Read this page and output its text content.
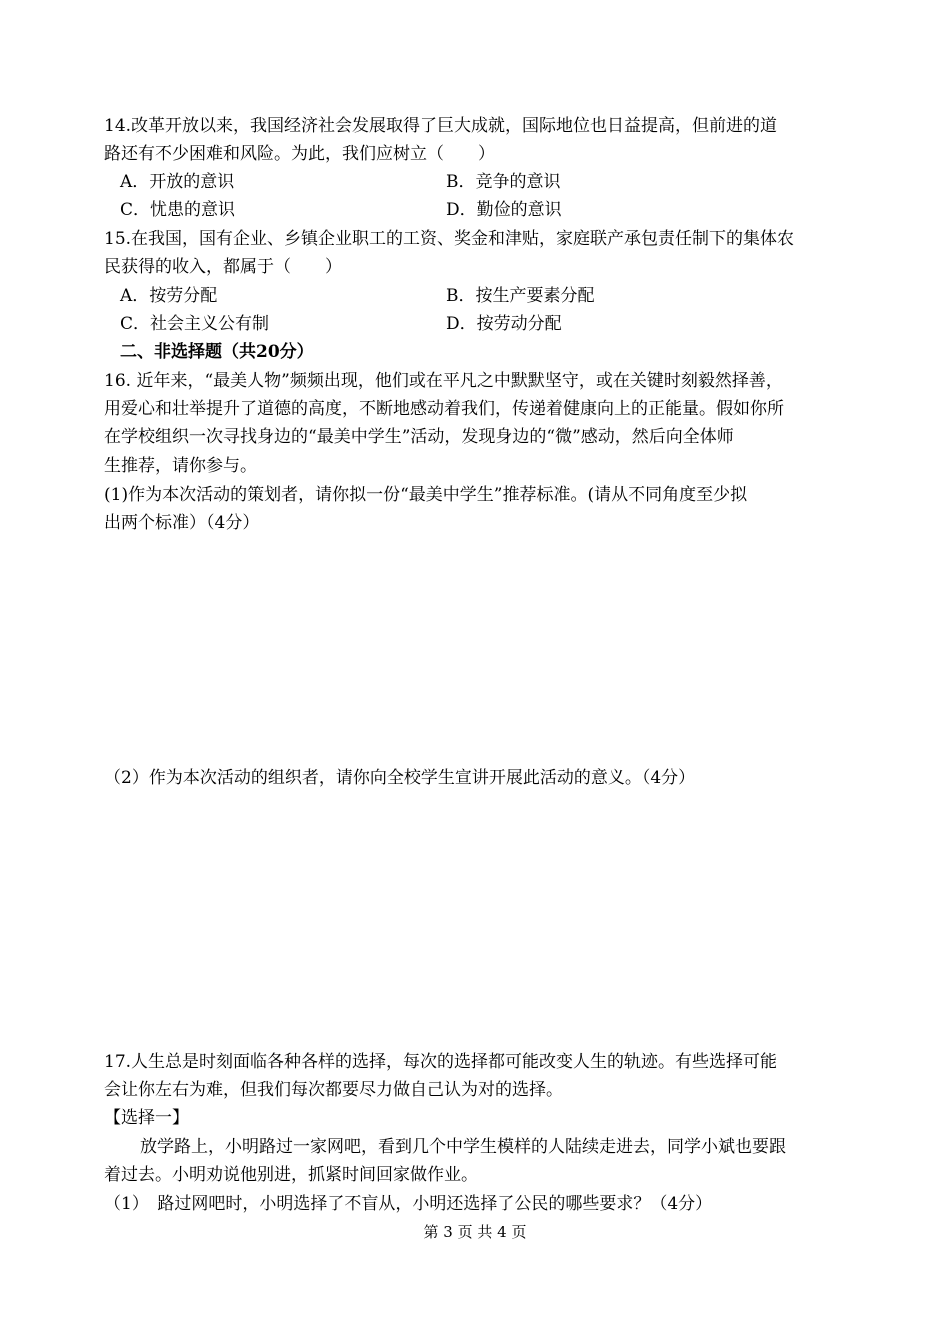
14.改革开放以来，我国经济社会发展取得了巨大成就，国际地位也日益提高，但前进的道
路还有不少困难和风险。为此，我们应树立（　　）
A．开放的意识	B．竞争的意识
C．忧患的意识	D．勤俭的意识
15.在我国，国有企业、乡镇企业职工的工资、奖金和津贴，家庭联产承包责任制下的集体农
民获得的收入，都属于（　　）
A．按劳分配	B．按生产要素分配
C．社会主义公有制	D．按劳动分配
二、非选择题（共20分）
16. 近年来，“最美人物”频频出现，他们或在平凡之中默默坚守，或在关键时刻毅然择善，
用爱心和壮举提升了道德的高度，不断地感动着我们，传递着健康向上的正能量。假如你所
在学校组织一次寻找身边的“最美中学生”活动，发现身边的“微”感动，然后向全体师
生推荐，请你参与。
(1)作为本次活动的策划者，请你拟一份“最美中学生”推荐标准。(请从不同角度至少拟
出两个标准）（4分）
（2）作为本次活动的组织者，请你向全校学生宣讲开展此活动的意义。（4分）
17.人生总是时刻面临各种各样的选择，每次的选择都可能改变人生的轨迹。有些选择可能
会让你左右为难，但我们每次都要尽力做自己认为对的选择。
【选择一】
放学路上，小明路过一家网吧，看到几个中学生模样的人陆续走进去，同学小斌也要跟
着过去。小明劝说他别进，抓紧时间回家做作业。
（1）　路过网吧时，小明选择了不盲从，小明还选择了公民的哪些要求？（4分）
第 3 页 共 4 页
